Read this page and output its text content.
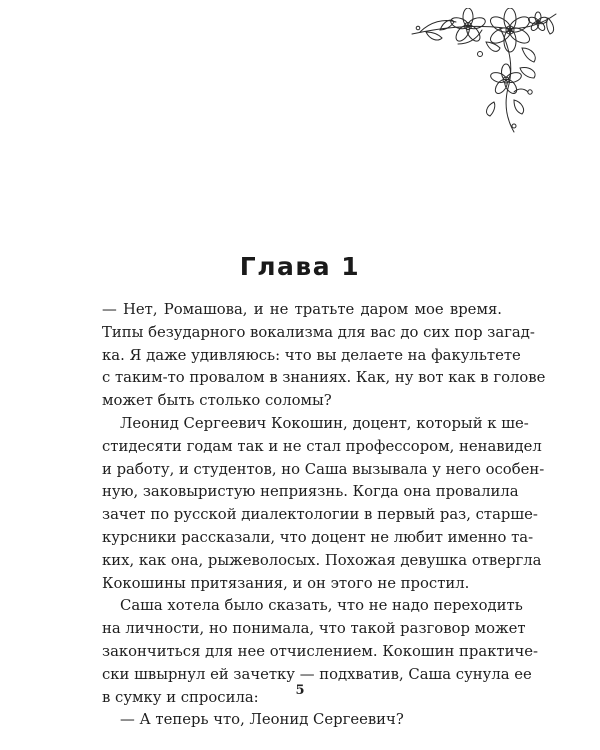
Глава 1
— Нет, Ромашова, и не тратьте даром мое время.
Типы безударного вокализма для вас до сих пор загад-
ка. Я даже удивляюсь: что вы делаете на факультете
с таким-то провалом в знаниях. Как, ну вот как в голове
может быть столько соломы?
Леонид Сергеевич Кокошин, доцент, который к ше-
стидесяти годам так и не стал профессором, ненавидел
и работу, и студентов, но Саша вызывала у него особен-
ную, заковыристую неприязнь. Когда она провалила
зачет по русской диалектологии в первый раз, старше-
курсники рассказали, что доцент не любит именно та-
ких, как она, рыжеволосых. Похожая девушка отвергла
Кокошины притязания, и он этого не простил.
Саша хотела было сказать, что не надо переходить
на личности, но понимала, что такой разговор может
закончиться для нее отчислением. Кокошин практиче-
ски швырнул ей зачетку — подхватив, Саша сунула ее
в сумку и спросила:
— А теперь что, Леонид Сергеевич?
5
